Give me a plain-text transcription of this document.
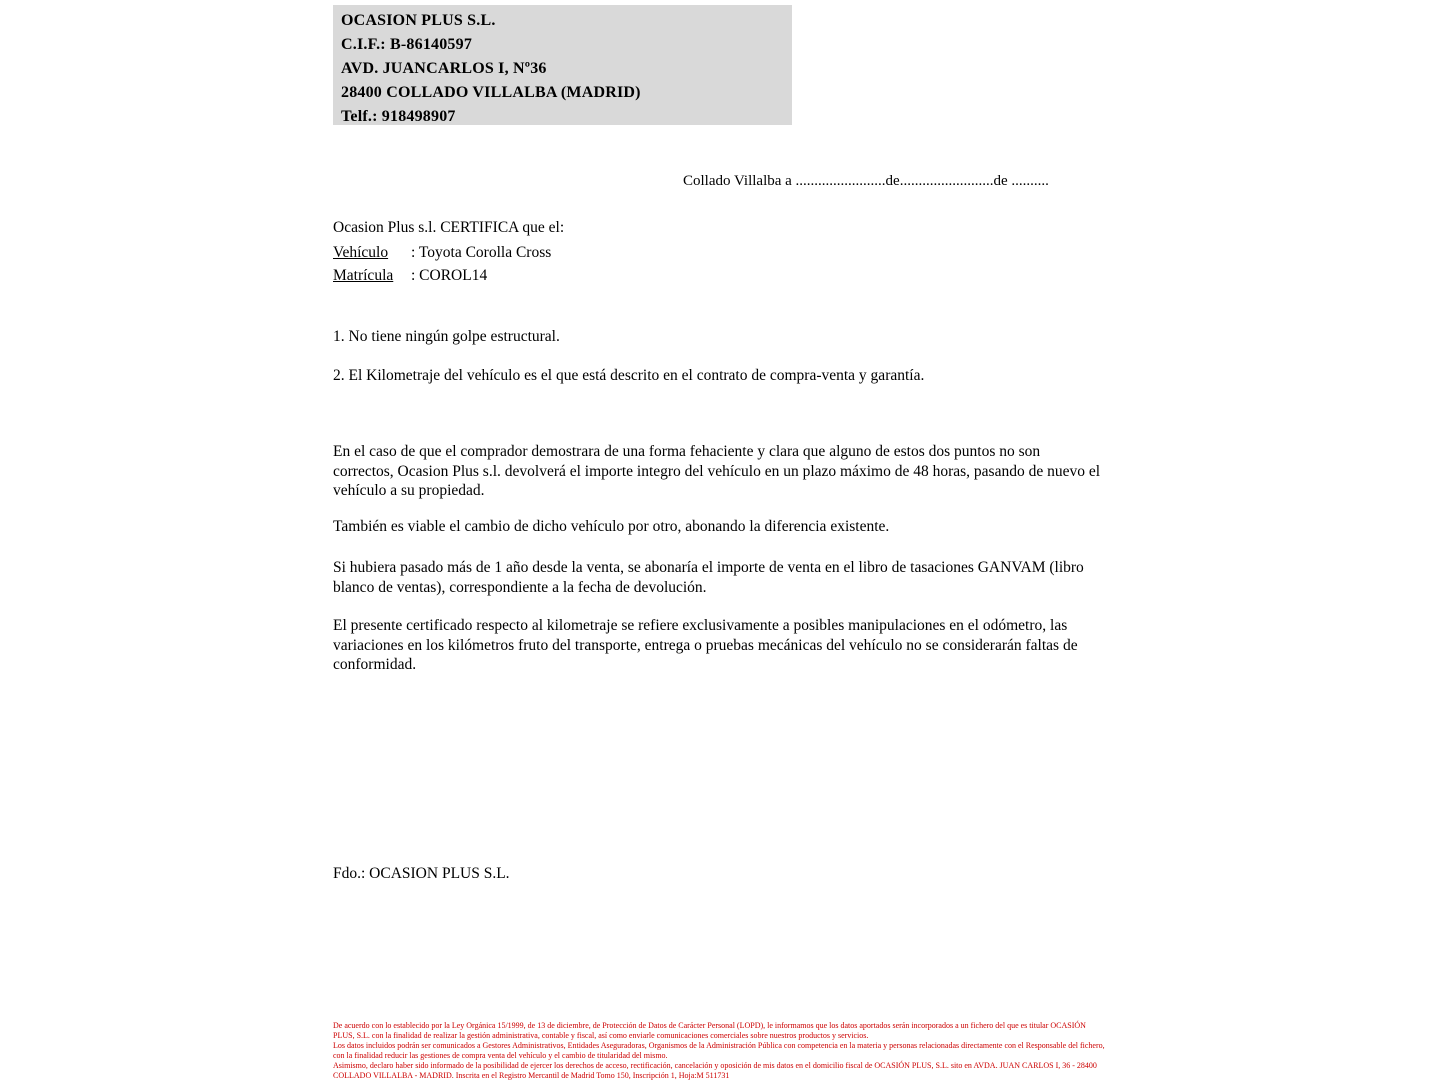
OCASION PLUS S.L.
C.I.F.: B-86140597
AVD. JUANCARLOS I, Nº36
28400 COLLADO VILLALBA (MADRID)
Telf.: 918498907
Collado Villalba a ........................de.........................de ..........
Ocasion Plus s.l. CERTIFICA que el:
Vehículo	: Toyota Corolla Cross
Matrícula	: COROL14
1. No tiene ningún golpe estructural.
2. El Kilometraje del vehículo es el que está descrito en el contrato de compra-venta y garantía.
En el caso de que el comprador demostrara de una forma fehaciente y clara que alguno de estos dos puntos no son correctos, Ocasion Plus s.l. devolverá el importe integro del vehículo en un plazo máximo de 48 horas, pasando de nuevo el vehículo a su propiedad.
También es viable el cambio de dicho vehículo por otro, abonando la diferencia existente.
Si hubiera pasado más de 1 año desde la venta, se abonaría el importe de venta en el libro de tasaciones GANVAM (libro blanco de ventas), correspondiente a la fecha de devolución.
El presente certificado respecto al kilometraje se refiere exclusivamente a posibles manipulaciones en el odómetro, las variaciones en los kilómetros fruto del transporte, entrega o pruebas mecánicas del vehículo no se considerarán faltas de conformidad.
Fdo.: OCASION PLUS S.L.
De acuerdo con lo establecido por la Ley Orgánica 15/1999, de 13 de diciembre, de Protección de Datos de Carácter Personal (LOPD), le informamos que los datos aportados serán incorporados a un fichero del que es titular OCASIÓN PLUS, S.L. con la finalidad de realizar la gestión administrativa, contable y fiscal, así como enviarle comunicaciones comerciales sobre nuestros productos y servicios.
Los datos incluidos podrán ser comunicados a Gestores Administrativos, Entidades Aseguradoras, Organismos de la Administración Pública con competencia en la materia y personas relacionadas directamente con el Responsable del fichero, con la finalidad reducir las gestiones de compra venta del vehículo y el cambio de titularidad del mismo.
Asimismo, declaro haber sido informado de la posibilidad de ejercer los derechos de acceso, rectificación, cancelación y oposición de mis datos en el domicilio fiscal de OCASIÓN PLUS, S.L. sito en AVDA. JUAN CARLOS I, 36 - 28400 COLLADO VILLALBA - MADRID. Inscrita en el Registro Mercantil de Madrid Tomo 150, Inscripción 1, Hoja:M 511731
